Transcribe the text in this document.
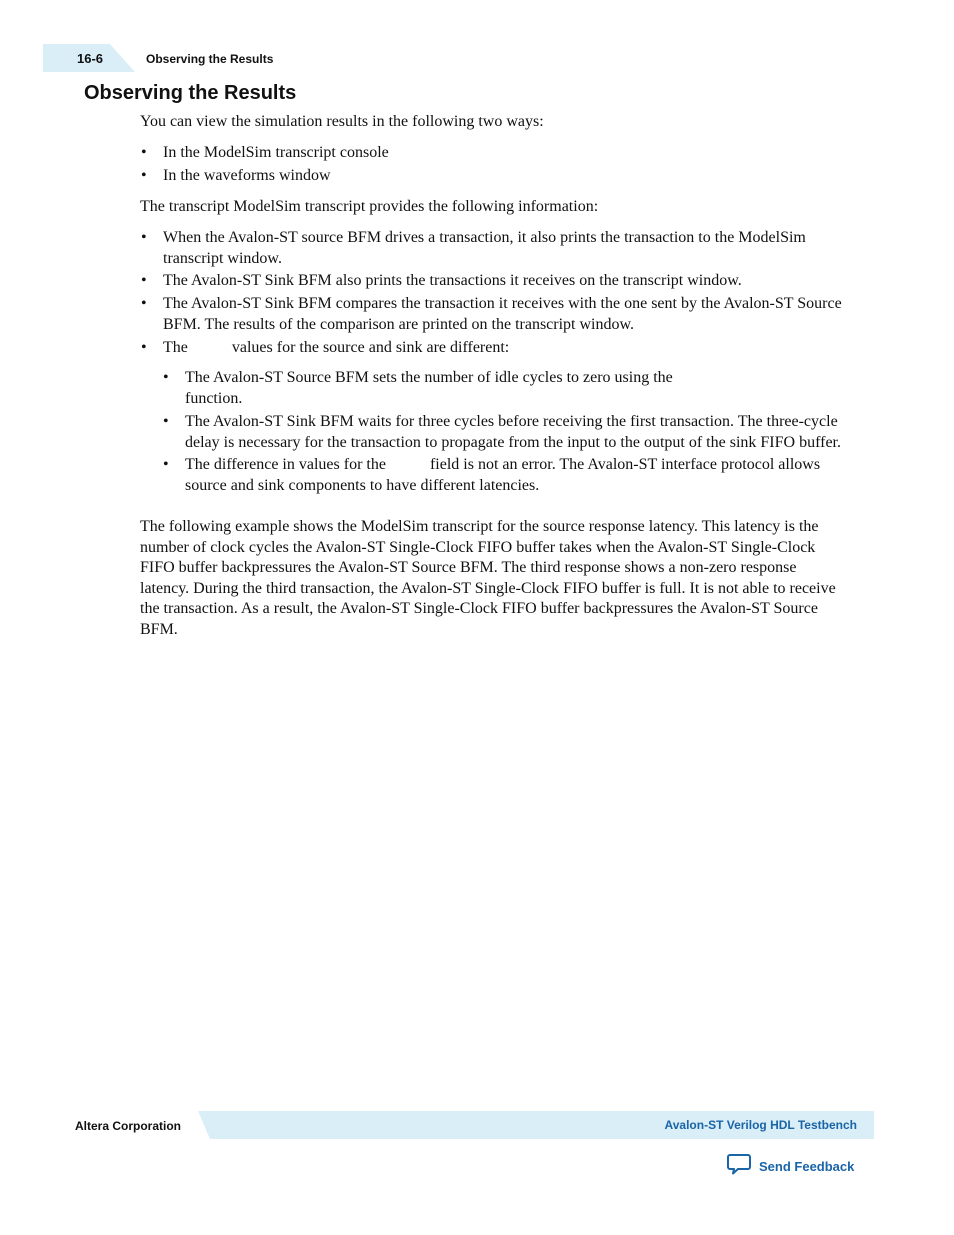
16-6	Observing the Results
Observing the Results

You can view the simulation results in the following two ways:

• In the ModelSim transcript console
• In the waveforms window

The transcript ModelSim transcript provides the following information:

• When the Avalon-ST source BFM drives a transaction, it also prints the transaction to the ModelSim
transcript window.
• The Avalon-ST Sink BFM also prints the transactions it receives on the transcript window.
• The Avalon-ST Sink BFM compares the transaction it receives with the one sent by the Avalon-ST Source
BFM. The results of the comparison are printed on the transcript window.
• The           values for the source and sink are different:
• The Avalon-ST Source BFM sets the number of idle cycles to zero using the
function.
• The Avalon-ST Sink BFM waits for three cycles before receiving the first transaction. The three-cycle
delay is necessary for the transaction to propagate from the input to the output of the sink FIFO buffer.
• The difference in values for the           field is not an error. The Avalon-ST interface protocol allows
source and sink components to have different latencies.

The following example shows the ModelSim transcript for the source response latency. This latency is the
number of clock cycles the Avalon-ST Single-Clock FIFO buffer takes when the Avalon-ST Single-Clock
FIFO buffer backpressures the Avalon-ST Source BFM. The third response shows a non-zero response
latency. During the third transaction, the Avalon-ST Single-Clock FIFO buffer is full. It is not able to receive
the transaction. As a result, the Avalon-ST Single-Clock FIFO buffer backpressures the Avalon-ST Source
BFM.

Altera Corporation	Avalon-ST Verilog HDL Testbench
Send Feedback
